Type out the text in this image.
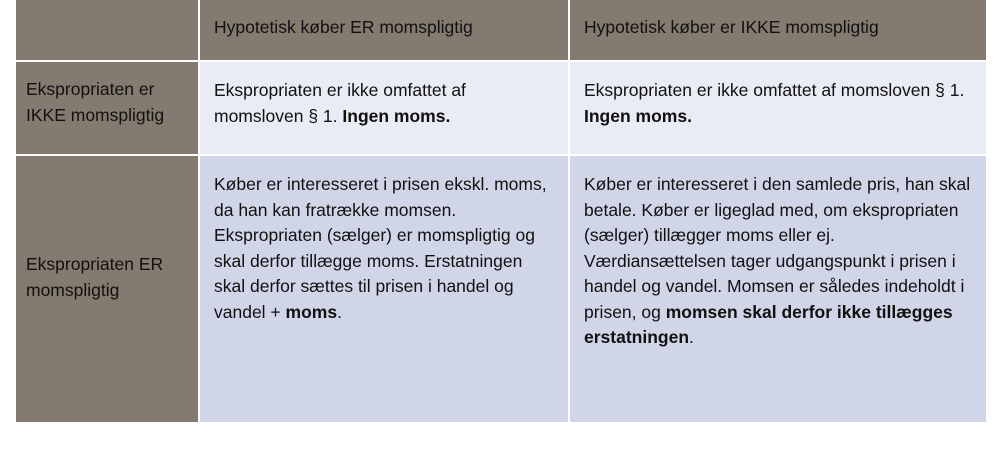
Hypotetisk køber ER momspligtig	Hypotetisk køber er IKKE momspligtig
Ekspropriaten er IKKE momspligtig
Ekspropriaten er ikke omfattet af momsloven § 1. Ingen moms.
Ekspropriaten er ikke omfattet af momsloven § 1. Ingen moms.
Ekspropriaten ER momspligtig
Køber er interesseret i prisen ekskl. moms, da han kan fratrække momsen. Ekspropriaten (sælger) er momspligtig og skal derfor tillægge moms. Erstatningen skal derfor sættes til prisen i handel og vandel + moms.
Køber er interesseret i den samlede pris, han skal betale. Køber er ligeglad med, om ekspropriaten (sælger) tillægger moms eller ej. Værdiansættelsen tager udgangspunkt i prisen i handel og vandel. Momsen er således indeholdt i prisen, og momsen skal derfor ikke tillægges erstatningen.
